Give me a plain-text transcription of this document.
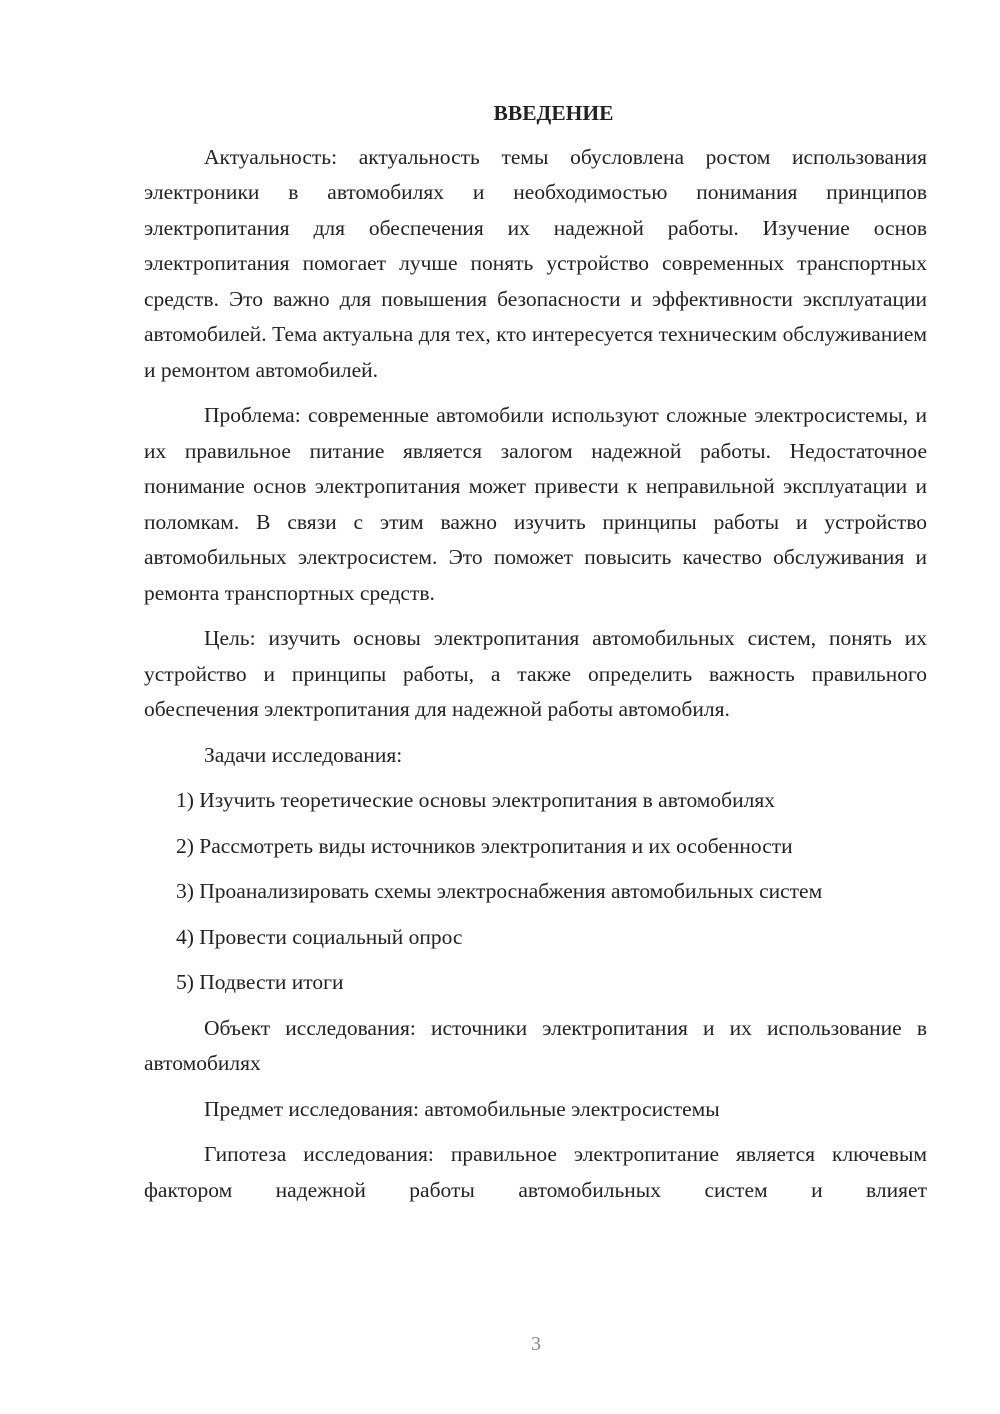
ВВЕДЕНИЕ
Актуальность: актуальность темы обусловлена ростом использования электроники в автомобилях и необходимостью понимания принципов электропитания для обеспечения их надежной работы. Изучение основ электропитания помогает лучше понять устройство современных транспортных средств. Это важно для повышения безопасности и эффективности эксплуатации автомобилей. Тема актуальна для тех, кто интересуется техническим обслуживанием и ремонтом автомобилей.
Проблема: современные автомобили используют сложные электросистемы, и их правильное питание является залогом надежной работы. Недостаточное понимание основ электропитания может привести к неправильной эксплуатации и поломкам. В связи с этим важно изучить принципы работы и устройство автомобильных электросистем. Это поможет повысить качество обслуживания и ремонта транспортных средств.
Цель: изучить основы электропитания автомобильных систем, понять их устройство и принципы работы, а также определить важность правильного обеспечения электропитания для надежной работы автомобиля.
Задачи исследования:
1) Изучить теоретические основы электропитания в автомобилях
2) Рассмотреть виды источников электропитания и их особенности
3) Проанализировать схемы электроснабжения автомобильных систем
4) Провести социальный опрос
5) Подвести итоги
Объект исследования: источники электропитания и их использование в автомобилях
Предмет исследования: автомобильные электросистемы
Гипотеза исследования: правильное электропитание является ключевым фактором надежной работы автомобильных систем и влияет
3
